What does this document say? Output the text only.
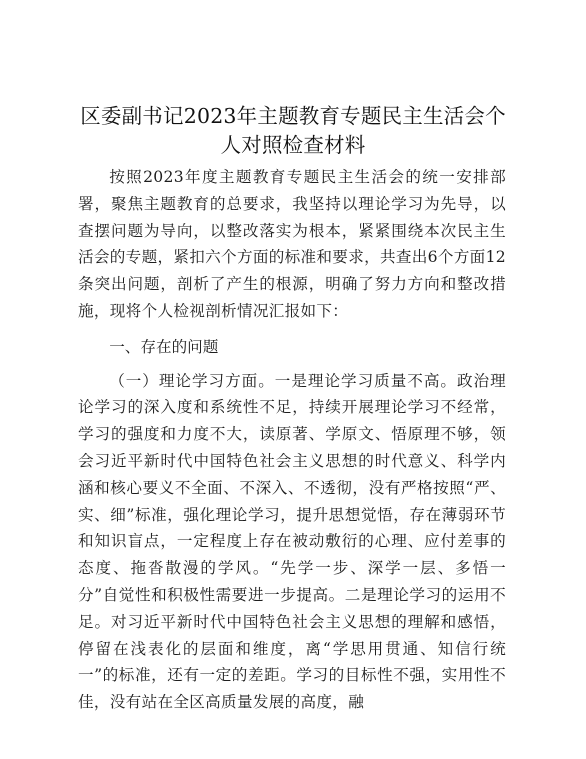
区委副书记2023年主题教育专题民主生活会个人对照检查材料

按照2023年度主题教育专题民主生活会的统一安排部署，聚焦主题教育的总要求，我坚持以理论学习为先导，以查摆问题为导向，以整改落实为根本，紧紧围绕本次民主生活会的专题，紧扣六个方面的标准和要求，共查出6个方面12条突出问题，剖析了产生的根源，明确了努力方向和整改措施，现将个人检视剖析情况汇报如下：

一、存在的问题

（一）理论学习方面。一是理论学习质量不高。政治理论学习的深入度和系统性不足，持续开展理论学习不经常，学习的强度和力度不大，读原著、学原文、悟原理不够，领会习近平新时代中国特色社会主义思想的时代意义、科学内涵和核心要义不全面、不深入、不透彻，没有严格按照“严、实、细”标准，强化理论学习，提升思想觉悟，存在薄弱环节和知识盲点，一定程度上存在被动敷衍的心理、应付差事的态度、拖沓散漫的学风。“先学一步、深学一层、多悟一分”自觉性和积极性需要进一步提高。二是理论学习的运用不足。对习近平新时代中国特色社会主义思想的理解和感悟，停留在浅表化的层面和维度，离“学思用贯通、知信行统一”的标准，还有一定的差距。学习的目标性不强，实用性不佳，没有站在全区高质量发展的高度，融
